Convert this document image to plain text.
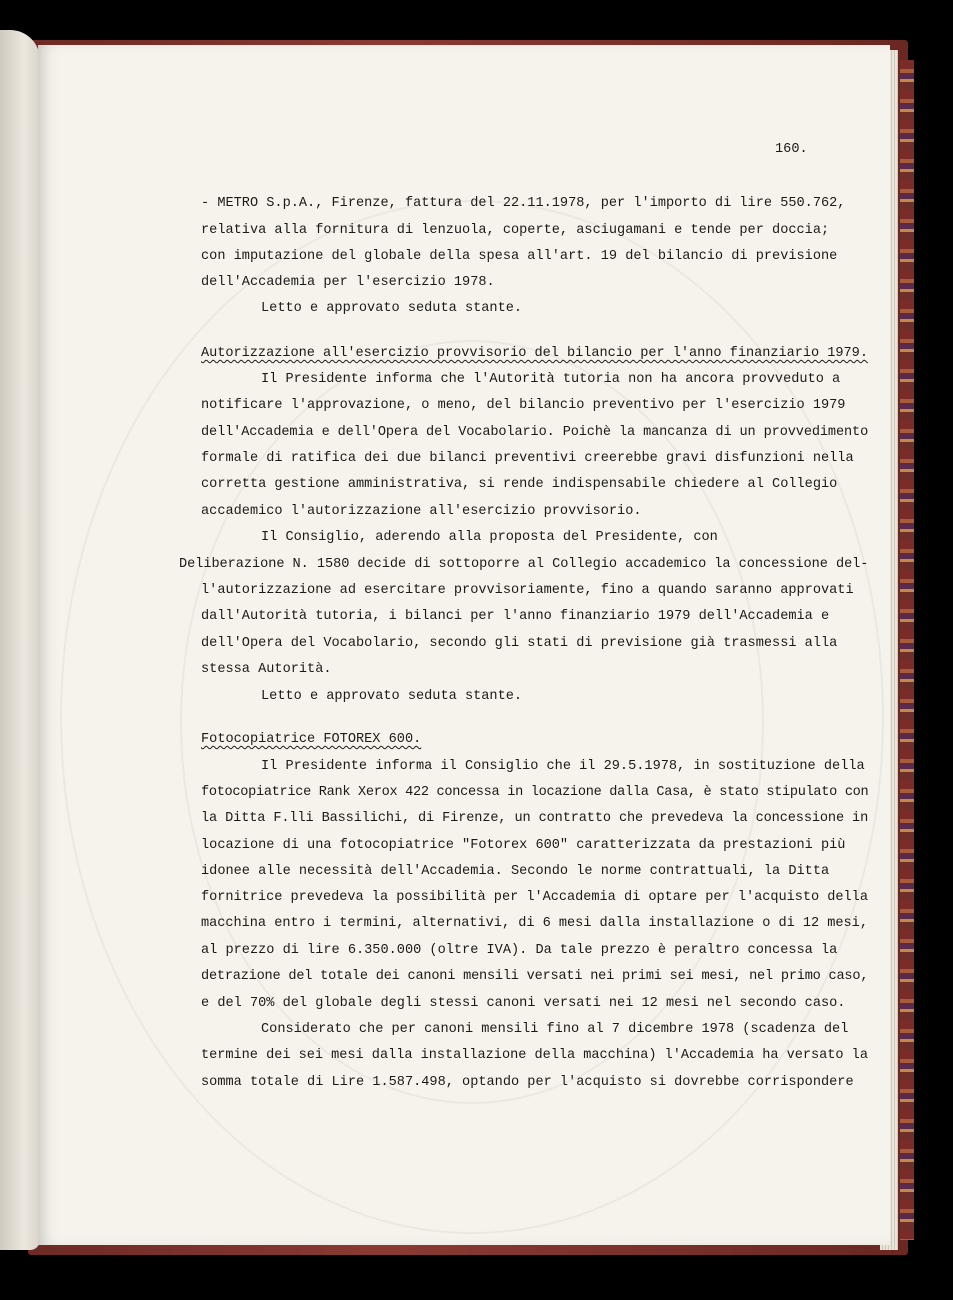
160.
- METRO S.p.A., Firenze, fattura del 22.11.1978, per l'importo di lire 550.762,
relativa alla fornitura di lenzuola, coperte, asciugamani e tende per doccia;
con imputazione del globale della spesa all'art. 19 del bilancio di previsione
dell'Accademia per l'esercizio 1978.
Letto e approvato seduta stante.
Autorizzazione all'esercizio provvisorio del bilancio per l'anno finanziario 1979.
Il Presidente informa che l'Autorità tutoria non ha ancora provveduto a
notificare l'approvazione, o meno, del bilancio preventivo per l'esercizio 1979
dell'Accademia e dell'Opera del Vocabolario. Poichè la mancanza di un provvedimento
formale di ratifica dei due bilanci preventivi creerebbe gravi disfunzioni nella
corretta gestione amministrativa, si rende indispensabile chiedere al Collegio
accademico l'autorizzazione all'esercizio provvisorio.
Il Consiglio, aderendo alla proposta del Presidente, con
Deliberazione N. 1580 decide di sottoporre al Collegio accademico la concessione del-
l'autorizzazione ad esercitare provvisoriamente, fino a quando saranno approvati
dall'Autorità tutoria, i bilanci per l'anno finanziario 1979 dell'Accademia e
dell'Opera del Vocabolario, secondo gli stati di previsione già trasmessi alla
stessa Autorità.
Letto e approvato seduta stante.
Fotocopiatrice FOTOREX 600.
Il Presidente informa il Consiglio che il 29.5.1978, in sostituzione della
fotocopiatrice Rank Xerox 422 concessa in locazione dalla Casa, è stato stipulato con
la Ditta F.lli Bassilichi, di Firenze, un contratto che prevedeva la concessione in
locazione di una fotocopiatrice "Fotorex 600" caratterizzata da prestazioni più
idonee alle necessità dell'Accademia. Secondo le norme contrattuali, la Ditta
fornitrice prevedeva la possibilità per l'Accademia di optare per l'acquisto della
macchina entro i termini, alternativi, di 6 mesi dalla installazione o di 12 mesi,
al prezzo di lire 6.350.000 (oltre IVA). Da tale prezzo è peraltro concessa la
detrazione del totale dei canoni mensili versati nei primi sei mesi, nel primo caso,
e del 70% del globale degli stessi canoni versati nei 12 mesi nel secondo caso.
Considerato che per canoni mensili fino al 7 dicembre 1978 (scadenza del
termine dei sei mesi dalla installazione della macchina) l'Accademia ha versato la
somma totale di Lire 1.587.498, optando per l'acquisto si dovrebbe corrispondere
